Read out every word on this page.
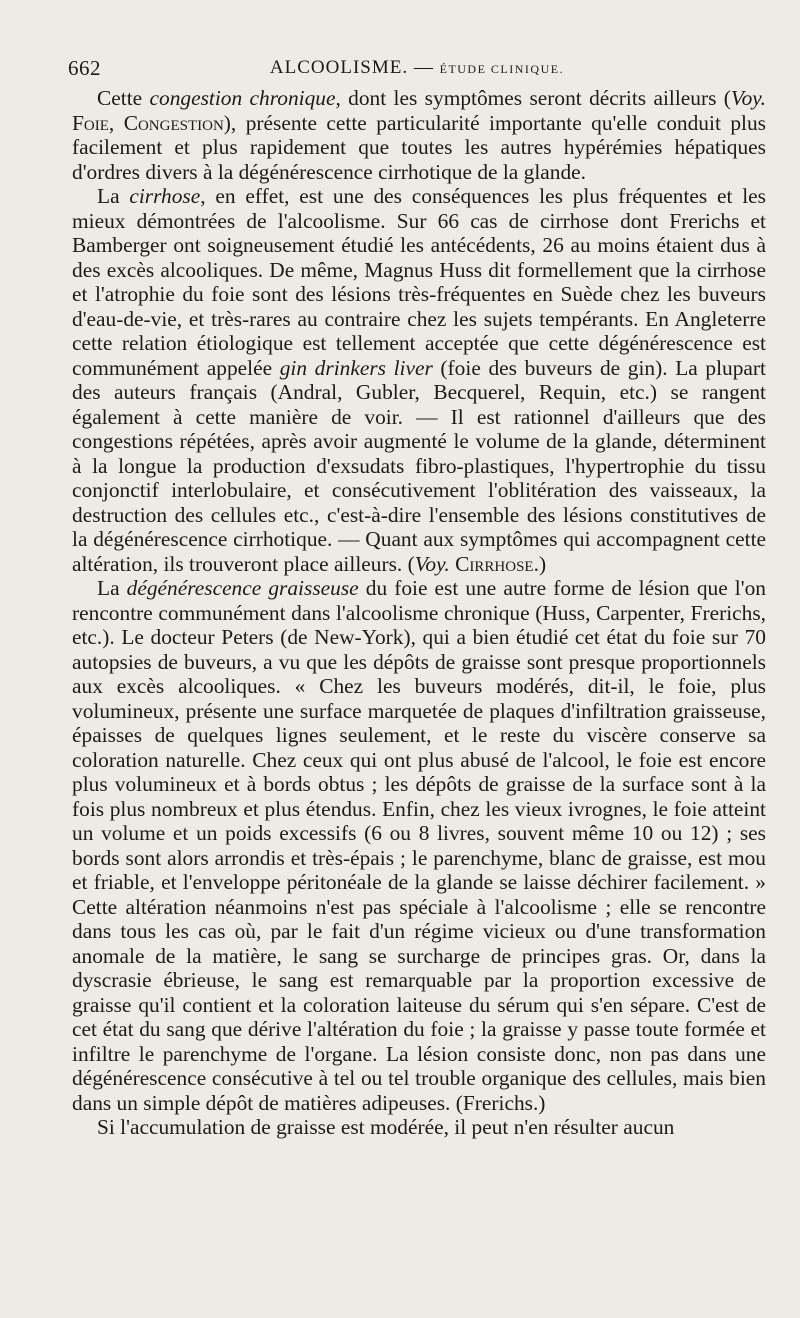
662	ALCOOLISME. — ÉTUDE CLINIQUE.

Cette congestion chronique, dont les symptômes seront décrits ailleurs (Voy. Foie, Congestion), présente cette particularité importante qu'elle conduit plus facilement et plus rapidement que toutes les autres hypérémies hépatiques d'ordres divers à la dégénérescence cirrhotique de la glande.

La cirrhose, en effet, est une des conséquences les plus fréquentes et les mieux démontrées de l'alcoolisme. Sur 66 cas de cirrhose dont Frerichs et Bamberger ont soigneusement étudié les antécédents, 26 au moins étaient dus à des excès alcooliques. De même, Magnus Huss dit formellement que la cirrhose et l'atrophie du foie sont des lésions très-fréquentes en Suède chez les buveurs d'eau-de-vie, et très-rares au contraire chez les sujets tempérants. En Angleterre cette relation étiologique est tellement acceptée que cette dégénérescence est communément appelée gin drinkers liver (foie des buveurs de gin). La plupart des auteurs français (Andral, Gubler, Becquerel, Requin, etc.) se rangent également à cette manière de voir. — Il est rationnel d'ailleurs que des congestions répétées, après avoir augmenté le volume de la glande, déterminent à la longue la production d'exsudats fibro-plastiques, l'hypertrophie du tissu conjonctif interlobulaire, et consécutivement l'oblitération des vaisseaux, la destruction des cellules etc., c'est-à-dire l'ensemble des lésions constitutives de la dégénérescence cirrhotique. — Quant aux symptômes qui accompagnent cette altération, ils trouveront place ailleurs. (Voy. Cirrhose.)

La dégénérescence graisseuse du foie est une autre forme de lésion que l'on rencontre communément dans l'alcoolisme chronique (Huss, Carpenter, Frerichs, etc.). Le docteur Peters (de New-York), qui a bien étudié cet état du foie sur 70 autopsies de buveurs, a vu que les dépôts de graisse sont presque proportionnels aux excès alcooliques. « Chez les buveurs modérés, dit-il, le foie, plus volumineux, présente une surface marquetée de plaques d'infiltration graisseuse, épaisses de quelques lignes seulement, et le reste du viscère conserve sa coloration naturelle. Chez ceux qui ont plus abusé de l'alcool, le foie est encore plus volumineux et à bords obtus ; les dépôts de graisse de la surface sont à la fois plus nombreux et plus étendus. Enfin, chez les vieux ivrognes, le foie atteint un volume et un poids excessifs (6 ou 8 livres, souvent même 10 ou 12) ; ses bords sont alors arrondis et très-épais ; le parenchyme, blanc de graisse, est mou et friable, et l'enveloppe péritonéale de la glande se laisse déchirer facilement. » Cette altération néanmoins n'est pas spéciale à l'alcoolisme ; elle se rencontre dans tous les cas où, par le fait d'un régime vicieux ou d'une transformation anomale de la matière, le sang se surcharge de principes gras. Or, dans la dyscrasie ébrieuse, le sang est remarquable par la proportion excessive de graisse qu'il contient et la coloration laiteuse du sérum qui s'en sépare. C'est de cet état du sang que dérive l'altération du foie ; la graisse y passe toute formée et infiltre le parenchyme de l'organe. La lésion consiste donc, non pas dans une dégénérescence consécutive à tel ou tel trouble organique des cellules, mais bien dans un simple dépôt de matières adipeuses. (Frerichs.)

Si l'accumulation de graisse est modérée, il peut n'en résulter aucun
